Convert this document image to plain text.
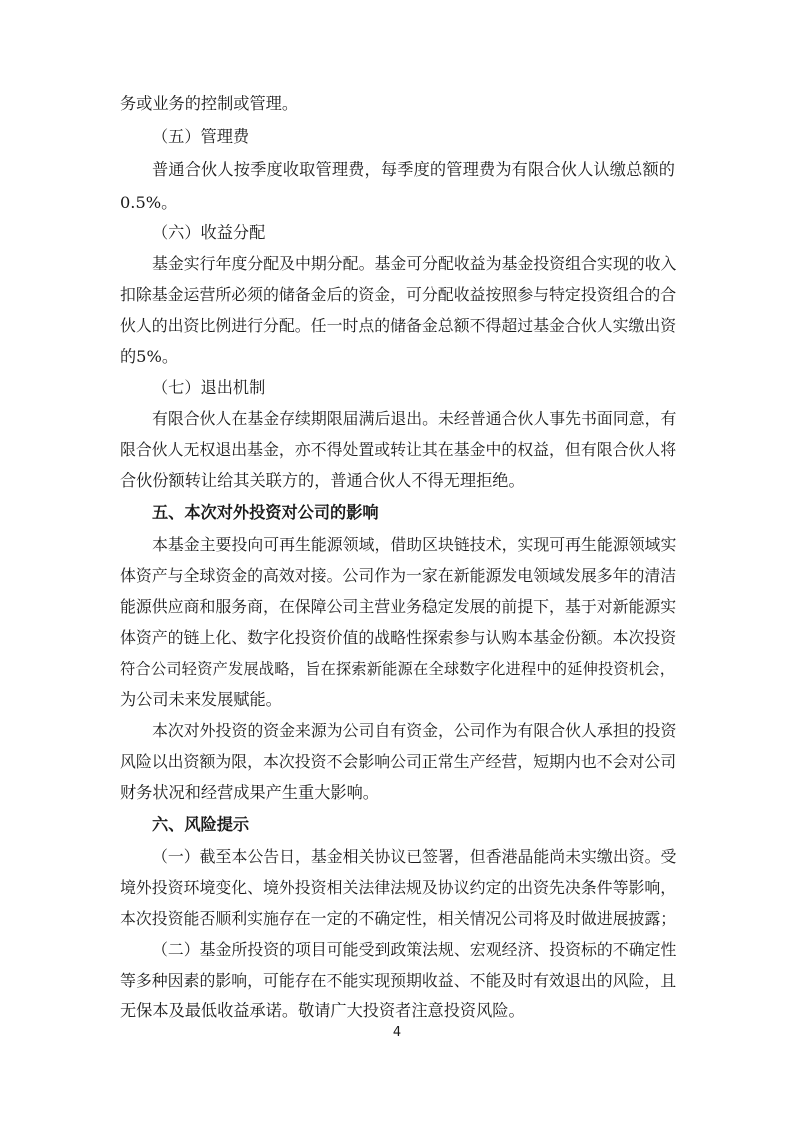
务或业务的控制或管理。
（五）管理费
普通合伙人按季度收取管理费，每季度的管理费为有限合伙人认缴总额的
0.5%。
（六）收益分配
基金实行年度分配及中期分配。基金可分配收益为基金投资组合实现的收入
扣除基金运营所必须的储备金后的资金，可分配收益按照参与特定投资组合的合
伙人的出资比例进行分配。任一时点的储备金总额不得超过基金合伙人实缴出资
的5%。
（七）退出机制
有限合伙人在基金存续期限届满后退出。未经普通合伙人事先书面同意，有
限合伙人无权退出基金，亦不得处置或转让其在基金中的权益，但有限合伙人将
合伙份额转让给其关联方的，普通合伙人不得无理拒绝。
五、本次对外投资对公司的影响
本基金主要投向可再生能源领域，借助区块链技术，实现可再生能源领域实
体资产与全球资金的高效对接。公司作为一家在新能源发电领域发展多年的清洁
能源供应商和服务商，在保障公司主营业务稳定发展的前提下，基于对新能源实
体资产的链上化、数字化投资价值的战略性探索参与认购本基金份额。本次投资
符合公司轻资产发展战略，旨在探索新能源在全球数字化进程中的延伸投资机会，
为公司未来发展赋能。
本次对外投资的资金来源为公司自有资金，公司作为有限合伙人承担的投资
风险以出资额为限，本次投资不会影响公司正常生产经营，短期内也不会对公司
财务状况和经营成果产生重大影响。
六、风险提示
（一）截至本公告日，基金相关协议已签署，但香港晶能尚未实缴出资。受
境外投资环境变化、境外投资相关法律法规及协议约定的出资先决条件等影响，
本次投资能否顺利实施存在一定的不确定性，相关情况公司将及时做进展披露；
（二）基金所投资的项目可能受到政策法规、宏观经济、投资标的不确定性
等多种因素的影响，可能存在不能实现预期收益、不能及时有效退出的风险，且
无保本及最低收益承诺。敬请广大投资者注意投资风险。
4
